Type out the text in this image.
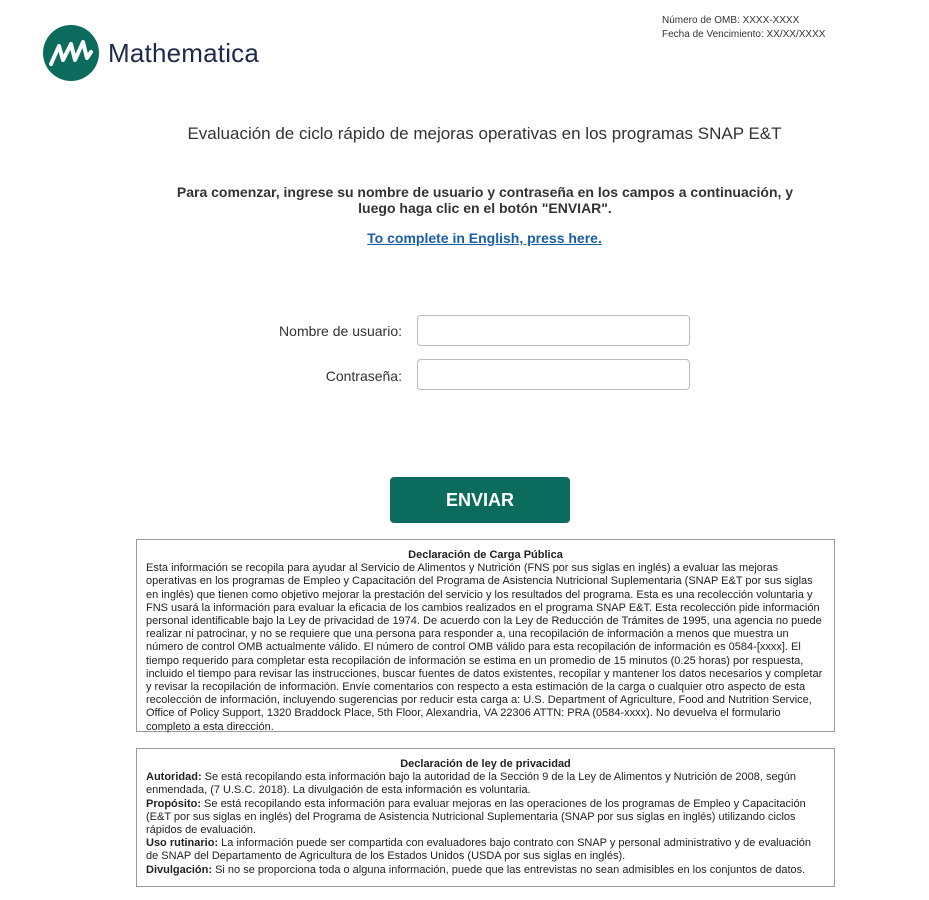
Mathematica
Número de OMB: XXXX-XXXX
Fecha de Vencimiento: XX/XX/XXXX
Evaluación de ciclo rápido de mejoras operativas en los programas SNAP E&T
Para comenzar, ingrese su nombre de usuario y contraseña en los campos a continuación, y luego haga clic en el botón "ENVIAR".
To complete in English, press here.
Nombre de usuario:
Contraseña:
ENVIAR
Declaración de Carga Pública

Esta información se recopila para ayudar al Servicio de Alimentos y Nutrición (FNS por sus siglas en inglés) a evaluar las mejoras operativas en los programas de Empleo y Capacitación del Programa de Asistencia Nutricional Suplementaria (SNAP E&T por sus siglas en inglés) que tienen como objetivo mejorar la prestación del servicio y los resultados del programa. Esta es una recolección voluntaria y FNS usará la información para evaluar la eficacia de los cambios realizados en el programa SNAP E&T. Esta recolección pide información personal identificable bajo la Ley de privacidad de 1974. De acuerdo con la Ley de Reducción de Trámites de 1995, una agencia no puede realizar ni patrocinar, y no se requiere que una persona para responder a, una recopilación de información a menos que muestra un número de control OMB actualmente válido. El número de control OMB válido para esta recopilación de información es 0584-[xxxx]. El tiempo requerido para completar esta recopilación de información se estima en un promedio de 15 minutos (0.25 horas) por respuesta, incluido el tiempo para revisar las instrucciones, buscar fuentes de datos existentes, recopilar y mantener los datos necesarios y completar y revisar la recopilación de información. Envíe comentarios con respecto a esta estimación de la carga o cualquier otro aspecto de esta recolección de información, incluyendo sugerencias por reducir esta carga a: U.S. Department of Agriculture, Food and Nutrition Service, Office of Policy Support, 1320 Braddock Place, 5th Floor, Alexandria, VA 22306 ATTN: PRA (0584-xxxx). No devuelva el formulario completo a esta dirección.

Declaración de ley de privacidad

Autoridad: Se está recopilando esta información bajo la autoridad de la Sección 9 de la Ley de Alimentos y Nutrición de 2008, según enmendada, (7 U.S.C. 2018). La divulgación de esta información es voluntaria.

Propósito: Se está recopilando esta información para evaluar mejoras en las operaciones de los programas de Empleo y Capacitación (E&T por sus siglas en inglés) del Programa de Asistencia Nutricional Suplementaria (SNAP por sus siglas en inglés) utilizando ciclos rápidos de evaluación.

Uso rutinario: La información puede ser compartida con evaluadores bajo contrato con SNAP y personal administrativo y de evaluación de SNAP del Departamento de Agricultura de los Estados Unidos (USDA por sus siglas en inglés).

Divulgación: Si no se proporciona toda o alguna información, puede que las entrevistas no sean admisibles en los conjuntos de datos.
